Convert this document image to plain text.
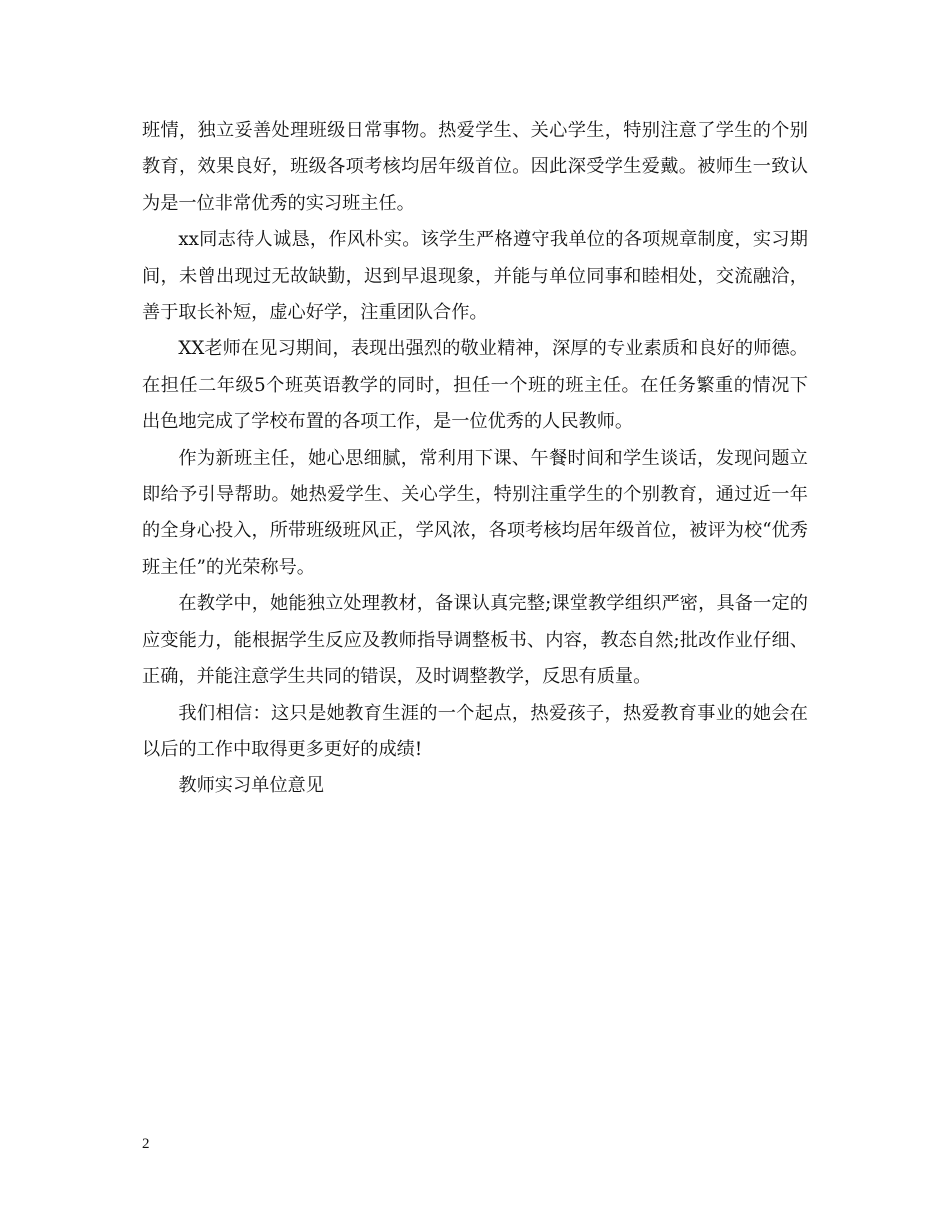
班情，独立妥善处理班级日常事物。热爱学生、关心学生，特别注意了学生的个别教育，效果良好，班级各项考核均居年级首位。因此深受学生爱戴。被师生一致认为是一位非常优秀的实习班主任。

xx同志待人诚恳，作风朴实。该学生严格遵守我单位的各项规章制度，实习期间，未曾出现过无故缺勤，迟到早退现象，并能与单位同事和睦相处，交流融洽，善于取长补短，虚心好学，注重团队合作。

XX老师在见习期间，表现出强烈的敬业精神，深厚的专业素质和良好的师德。在担任二年级5个班英语教学的同时，担任一个班的班主任。在任务繁重的情况下出色地完成了学校布置的各项工作，是一位优秀的人民教师。

作为新班主任，她心思细腻，常利用下课、午餐时间和学生谈话，发现问题立即给予引导帮助。她热爱学生、关心学生，特别注重学生的个别教育，通过近一年的全身心投入，所带班级班风正，学风浓，各项考核均居年级首位，被评为校“优秀班主任”的光荣称号。

在教学中，她能独立处理教材，备课认真完整;课堂教学组织严密，具备一定的应变能力，能根据学生反应及教师指导调整板书、内容，教态自然;批改作业仔细、正确，并能注意学生共同的错误，及时调整教学，反思有质量。

我们相信：这只是她教育生涯的一个起点，热爱孩子，热爱教育事业的她会在以后的工作中取得更多更好的成绩!

教师实习单位意见

2
